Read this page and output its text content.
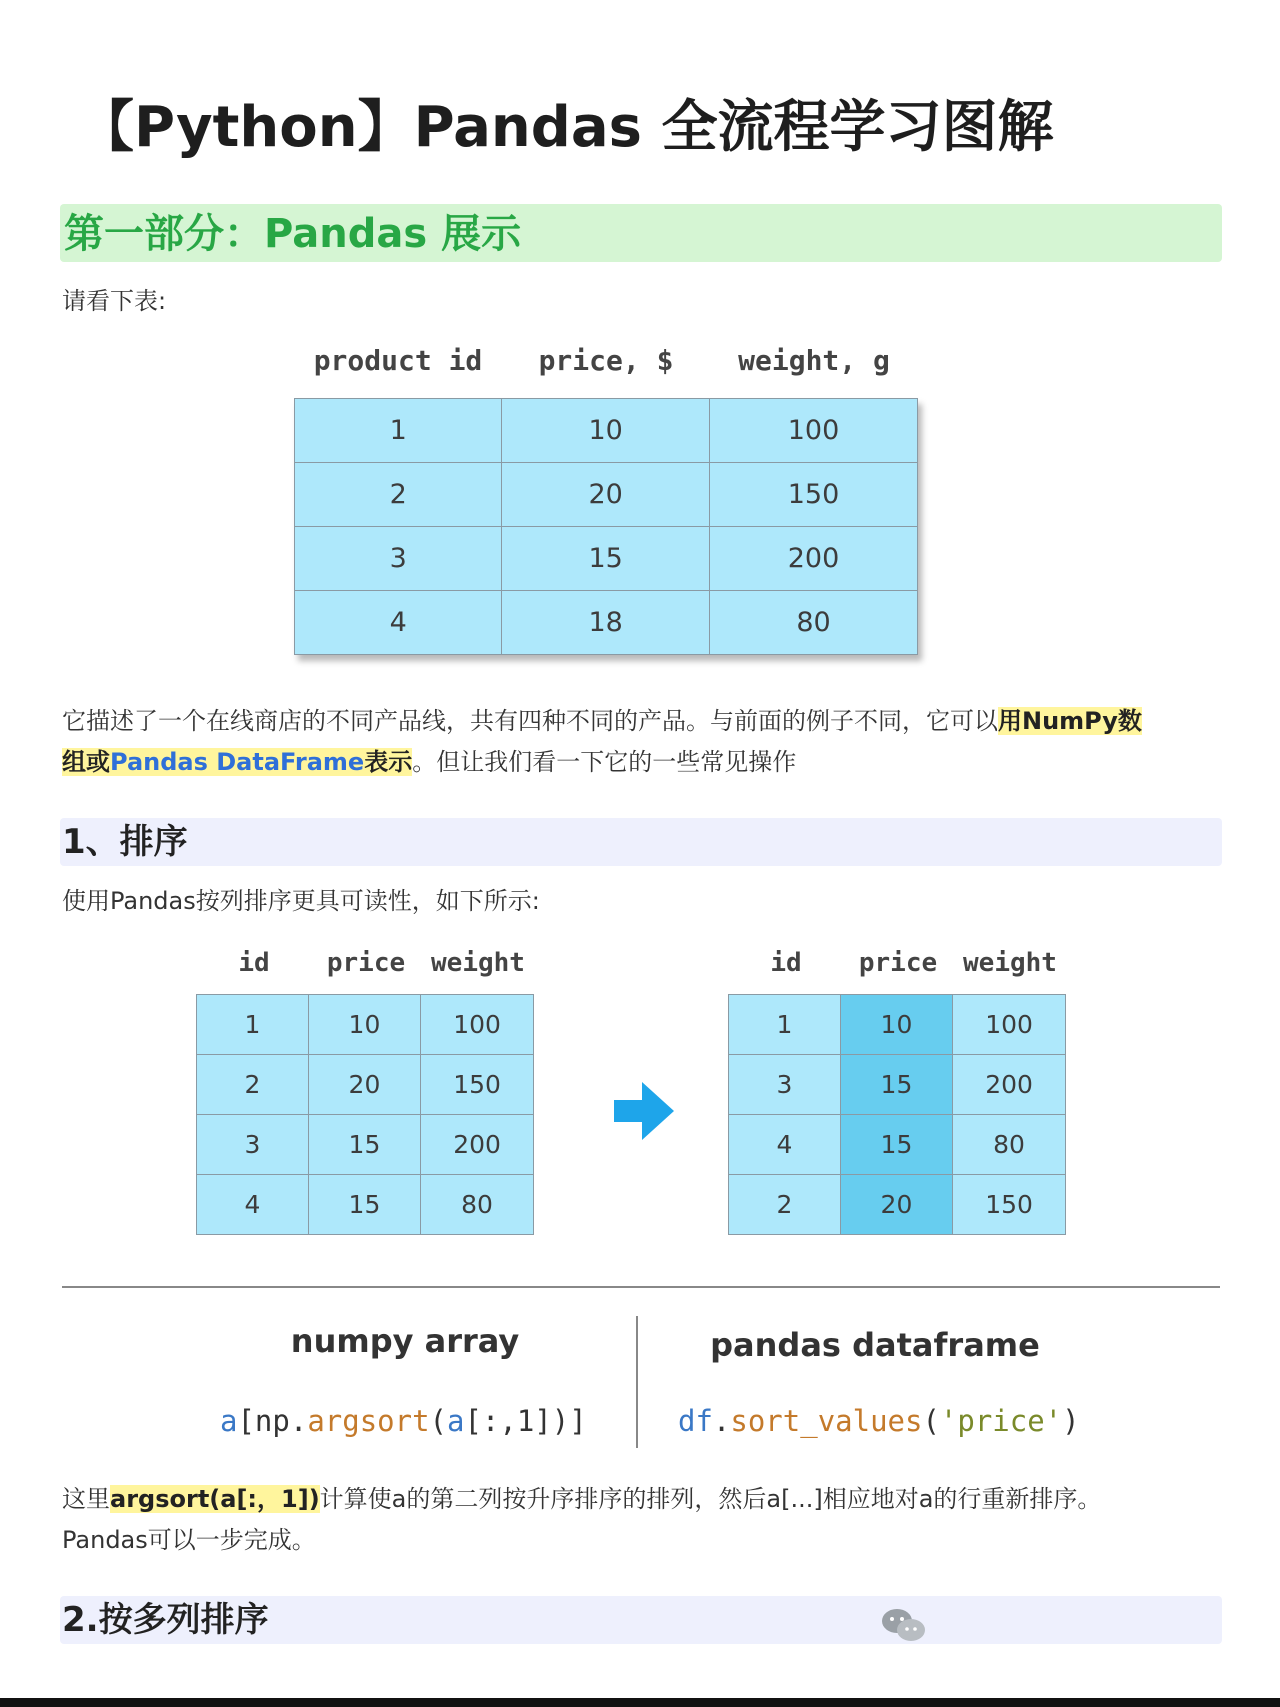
【Python】Pandas 全流程学习图解
第一部分：Pandas 展示
请看下表:
product id	price, $	weight, g
1	10	100
2	20	150
3	15	200
4	18	80
它描述了一个在线商店的不同产品线，共有四种不同的产品。与前面的例子不同，它可以用NumPy数
组或Pandas DataFrame表示。但让我们看一下它的一些常见操作
1、排序
使用Pandas按列排序更具可读性，如下所示:
id	price weight
1	10	100
2	20	150
3	15	200
4	15	80
id	price weight
1	10	100
3	15	200
4	15	80
2	20	150
numpy array	pandas dataframe
a[np.argsort(a[:,1])]	df.sort_values('price')
这里argsort(a[:，1])计算使a的第二列按升序排序的排列，然后a[...]相应地对a的行重新排序。
Pandas可以一步完成。
2.按多列排序
